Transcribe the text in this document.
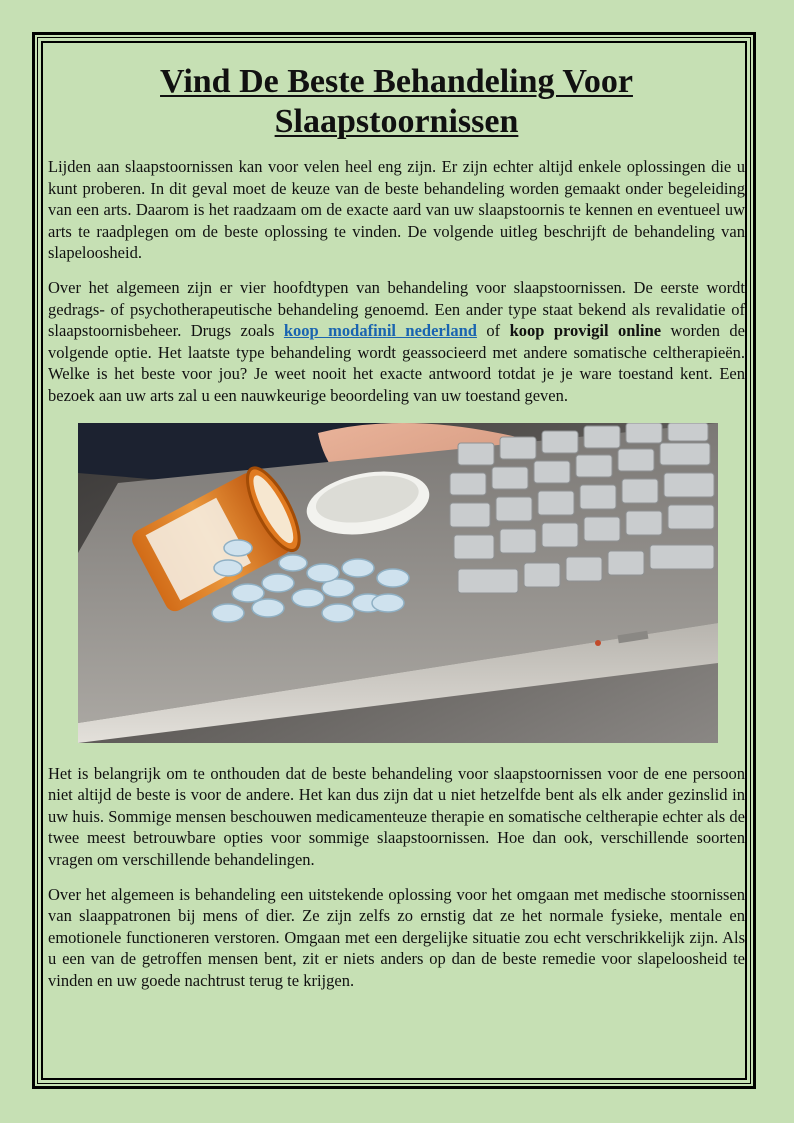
Vind De Beste Behandeling Voor Slaapstoornissen

Lijden aan slaapstoornissen kan voor velen heel eng zijn. Er zijn echter altijd enkele oplossingen die u kunt proberen. In dit geval moet de keuze van de beste behandeling worden gemaakt onder begeleiding van een arts. Daarom is het raadzaam om de exacte aard van uw slaapstoornis te kennen en eventueel uw arts te raadplegen om de beste oplossing te vinden. De volgende uitleg beschrijft de behandeling van slapeloosheid.

Over het algemeen zijn er vier hoofdtypen van behandeling voor slaapstoornissen. De eerste wordt gedrags- of psychotherapeutische behandeling genoemd. Een ander type staat bekend als revalidatie of slaapstoornisbeheer. Drugs zoals koop modafinil nederland of koop provigil online worden de volgende optie. Het laatste type behandeling wordt geassocieerd met andere somatische celtherapieën. Welke is het beste voor jou? Je weet nooit het exacte antwoord totdat je je ware toestand kent. Een bezoek aan uw arts zal u een nauwkeurige beoordeling van uw toestand geven.

Het is belangrijk om te onthouden dat de beste behandeling voor slaapstoornissen voor de ene persoon niet altijd de beste is voor de andere. Het kan dus zijn dat u niet hetzelfde bent als elk ander gezinslid in uw huis. Sommige mensen beschouwen medicamenteuze therapie en somatische celtherapie echter als de twee meest betrouwbare opties voor sommige slaapstoornissen. Hoe dan ook, verschillende soorten vragen om verschillende behandelingen.

Over het algemeen is behandeling een uitstekende oplossing voor het omgaan met medische stoornissen van slaappatronen bij mens of dier. Ze zijn zelfs zo ernstig dat ze het normale fysieke, mentale en emotionele functioneren verstoren. Omgaan met een dergelijke situatie zou echt verschrikkelijk zijn. Als u een van de getroffen mensen bent, zit er niets anders op dan de beste remedie voor slapeloosheid te vinden en uw goede nachtrust terug te krijgen.
